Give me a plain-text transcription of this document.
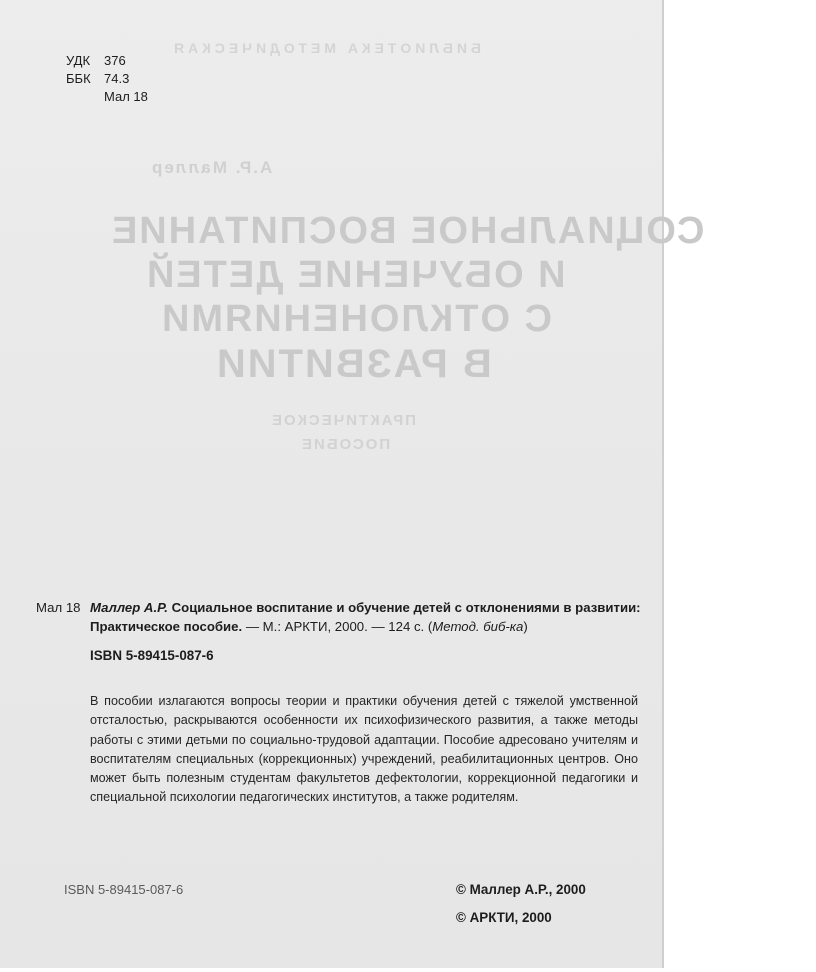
УДК	376
ББК	74.3
Мал 18
БИБЛИОТЕКА МЕТОДИЧЕСКАЯ
А.Р. Маллер
СОЦИАЛЬНОЕ ВОСПИТАНИЕ
И ОБУЧЕНИЕ ДЕТЕЙ
С ОТКЛОНЕНИЯМИ
В РАЗВИТИИ
ПРАКТИЧЕСКОЕ
ПОСОБИЕ
Мал 18 Маллер А.Р. Социальное воспитание и обучение детей с отклонениями в развитии: Практическое пособие. — М.: АРКТИ, 2000. — 124 с. (Метод. биб-ка)
ISBN 5-89415-087-6
В пособии излагаются вопросы теории и практики обучения детей с тяжелой умственной отсталостью, раскрываются особенности их психофизического развития, а также методы работы с этими детьми по социально-трудовой адаптации. Пособие адресовано учителям и воспитателям специальных (коррекционных) учреждений, реабилитационных центров. Оно может быть полезным студентам факультетов дефектологии, коррекционной педагогики и специальной психологии педагогических институтов, а также родителям.
ISBN 5-89415-087-6	© Маллер А.Р., 2000
© АРКТИ, 2000
